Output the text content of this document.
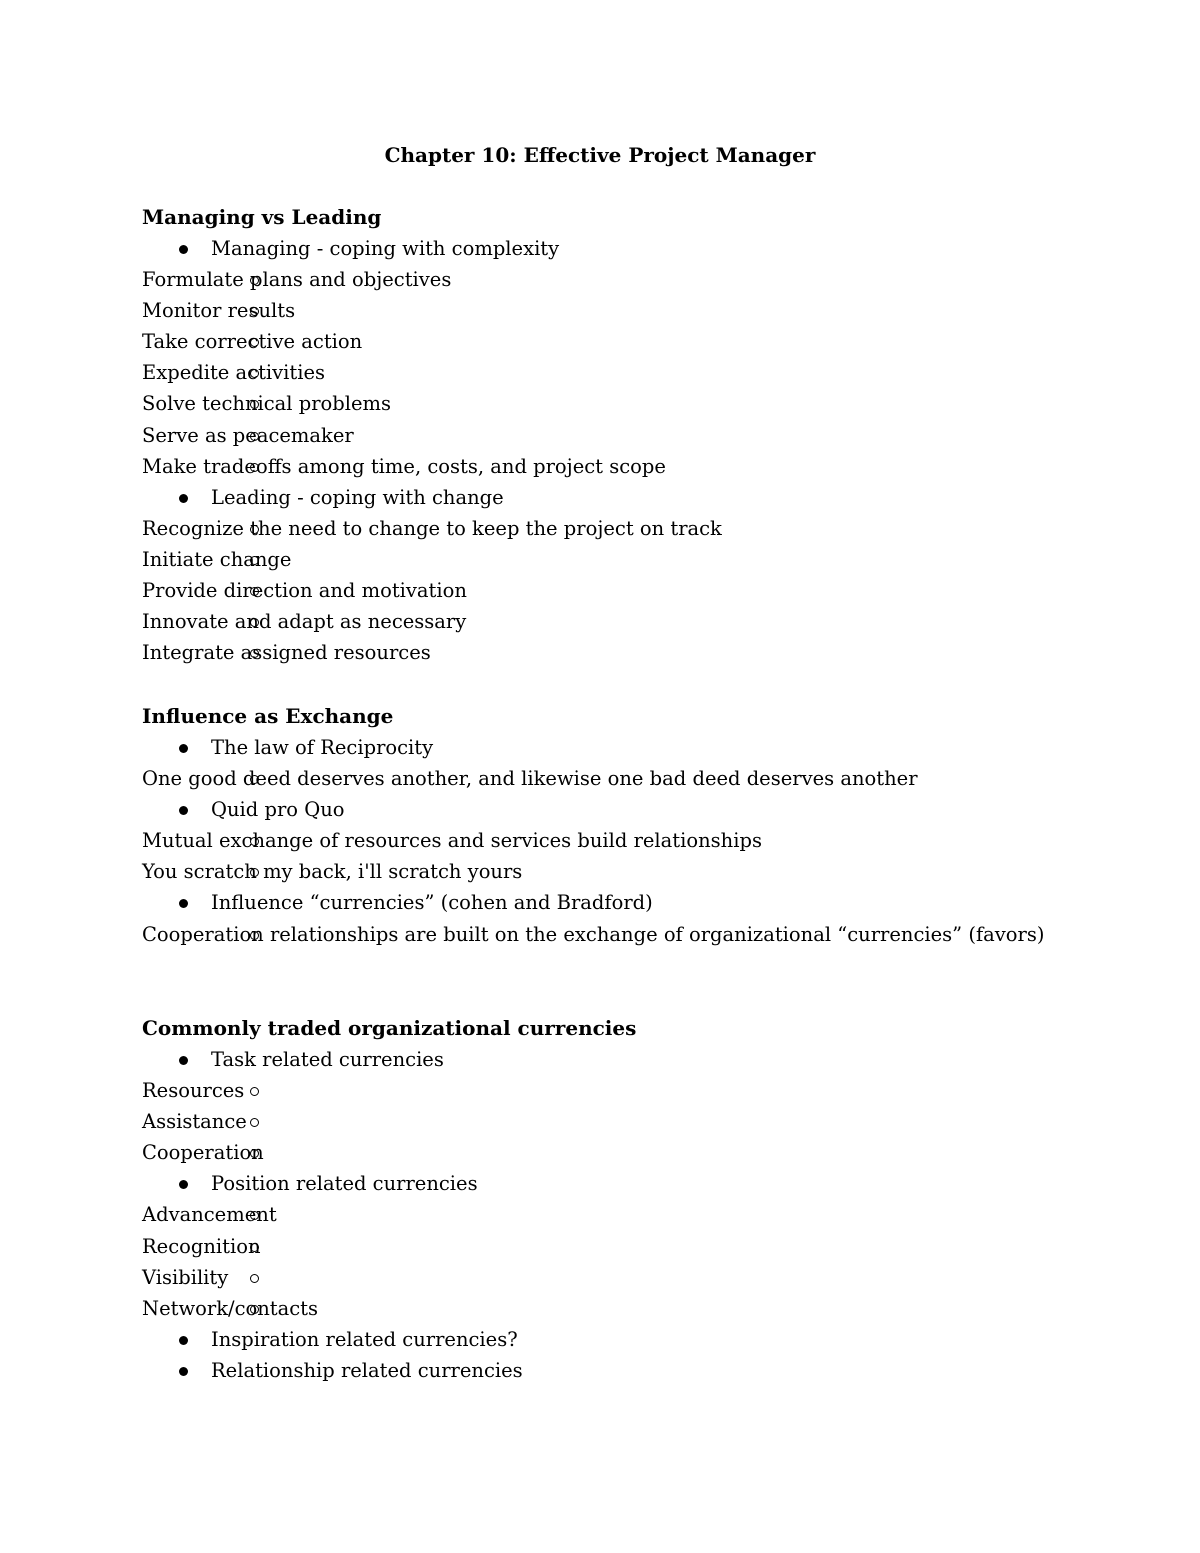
Chapter 10: Effective Project Manager
Managing vs Leading
Managing - coping with complexity
Formulate plans and objectives
Monitor results
Take corrective action
Expedite activities
Solve technical problems
Serve as peacemaker
Make tradeoffs among time, costs, and project scope
Leading - coping with change
Recognize the need to change to keep the project on track
Initiate change
Provide direction and motivation
Innovate and adapt as necessary
Integrate assigned resources
Influence as Exchange
The law of Reciprocity
One good deed deserves another, and likewise one bad deed deserves another
Quid pro Quo
Mutual exchange of resources and services build relationships
You scratch my back, i'll scratch yours
Influence “currencies” (cohen and Bradford)
Cooperation relationships are built on the exchange of organizational “currencies” (favors)
Commonly traded organizational currencies
Task related currencies
Resources
Assistance
Cooperation
Position related currencies
Advancement
Recognition
Visibility
Network/contacts
Inspiration related currencies?
Relationship related currencies
